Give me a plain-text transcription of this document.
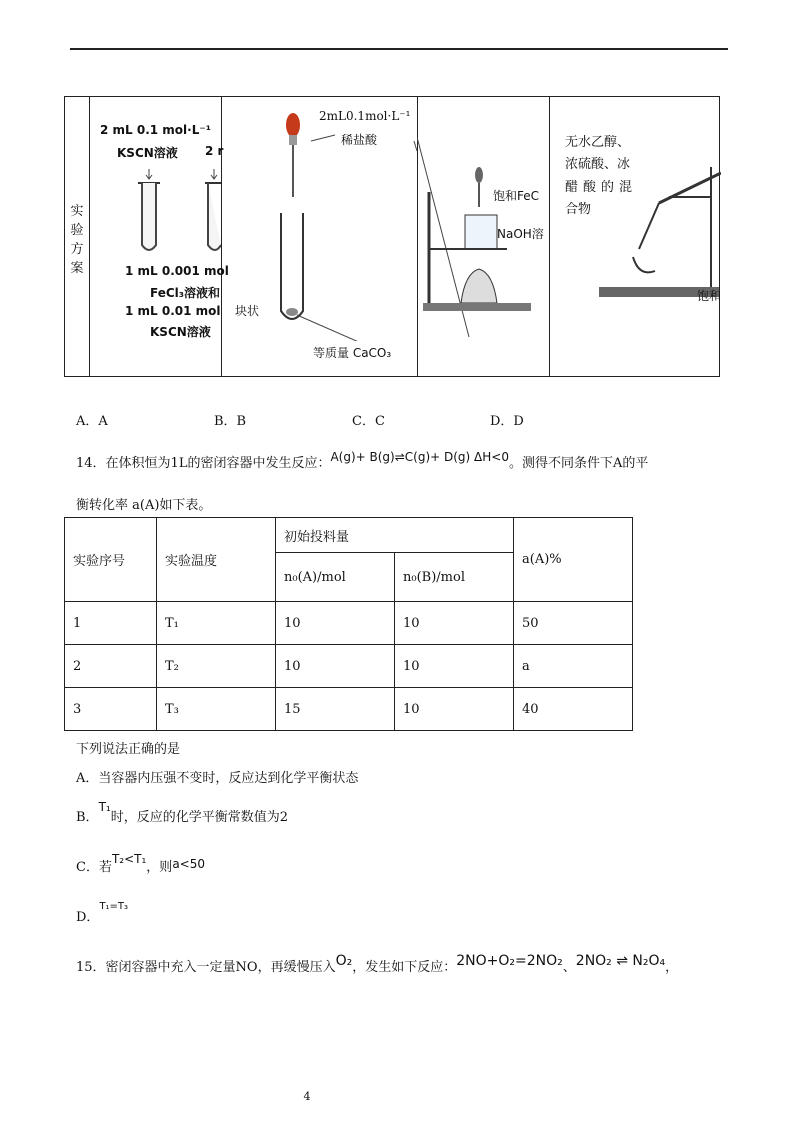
实验方案
2 mL 0.1 mol·L⁻¹
KSCN溶液 2 r
1 mL 0.001 mol
FeCl₃溶液和
1 mL 0.01 mol
KSCN溶液
2mL0.1mol·L⁻¹
稀盐酸
块状
等质量 CaCO₃
饱和FeC
NaOH溶
无水乙醇、
浓硫酸、冰
醋酸的混
合物
饱和
A．A	B．B	C．C	D．D
14．在体积恒为1L的密闭容器中发生反应：A(g)+ B(g)⇌C(g)+ D(g) ΔH<0。测得不同条件下A的平
衡转化率 a(A)如下表。
实验序号	实验温度	初始投料量		a(A)%
		n₀(A)/mol	n₀(B)/mol	
1	T₁	10	10	50
2	T₂	10	10	a
3	T₃	15	10	40
下列说法正确的是
A．当容器内压强不变时，反应达到化学平衡状态
B．T₁时，反应的化学平衡常数值为2
C．若T₂<T₁，则a<50
D．$^{T_1=T_3}$
15．密闭容器中充入一定量NO，再缓慢压入O₂，发生如下反应：2NO+O₂=2NO₂、2NO₂ ⇌ N₂O₄，
4
